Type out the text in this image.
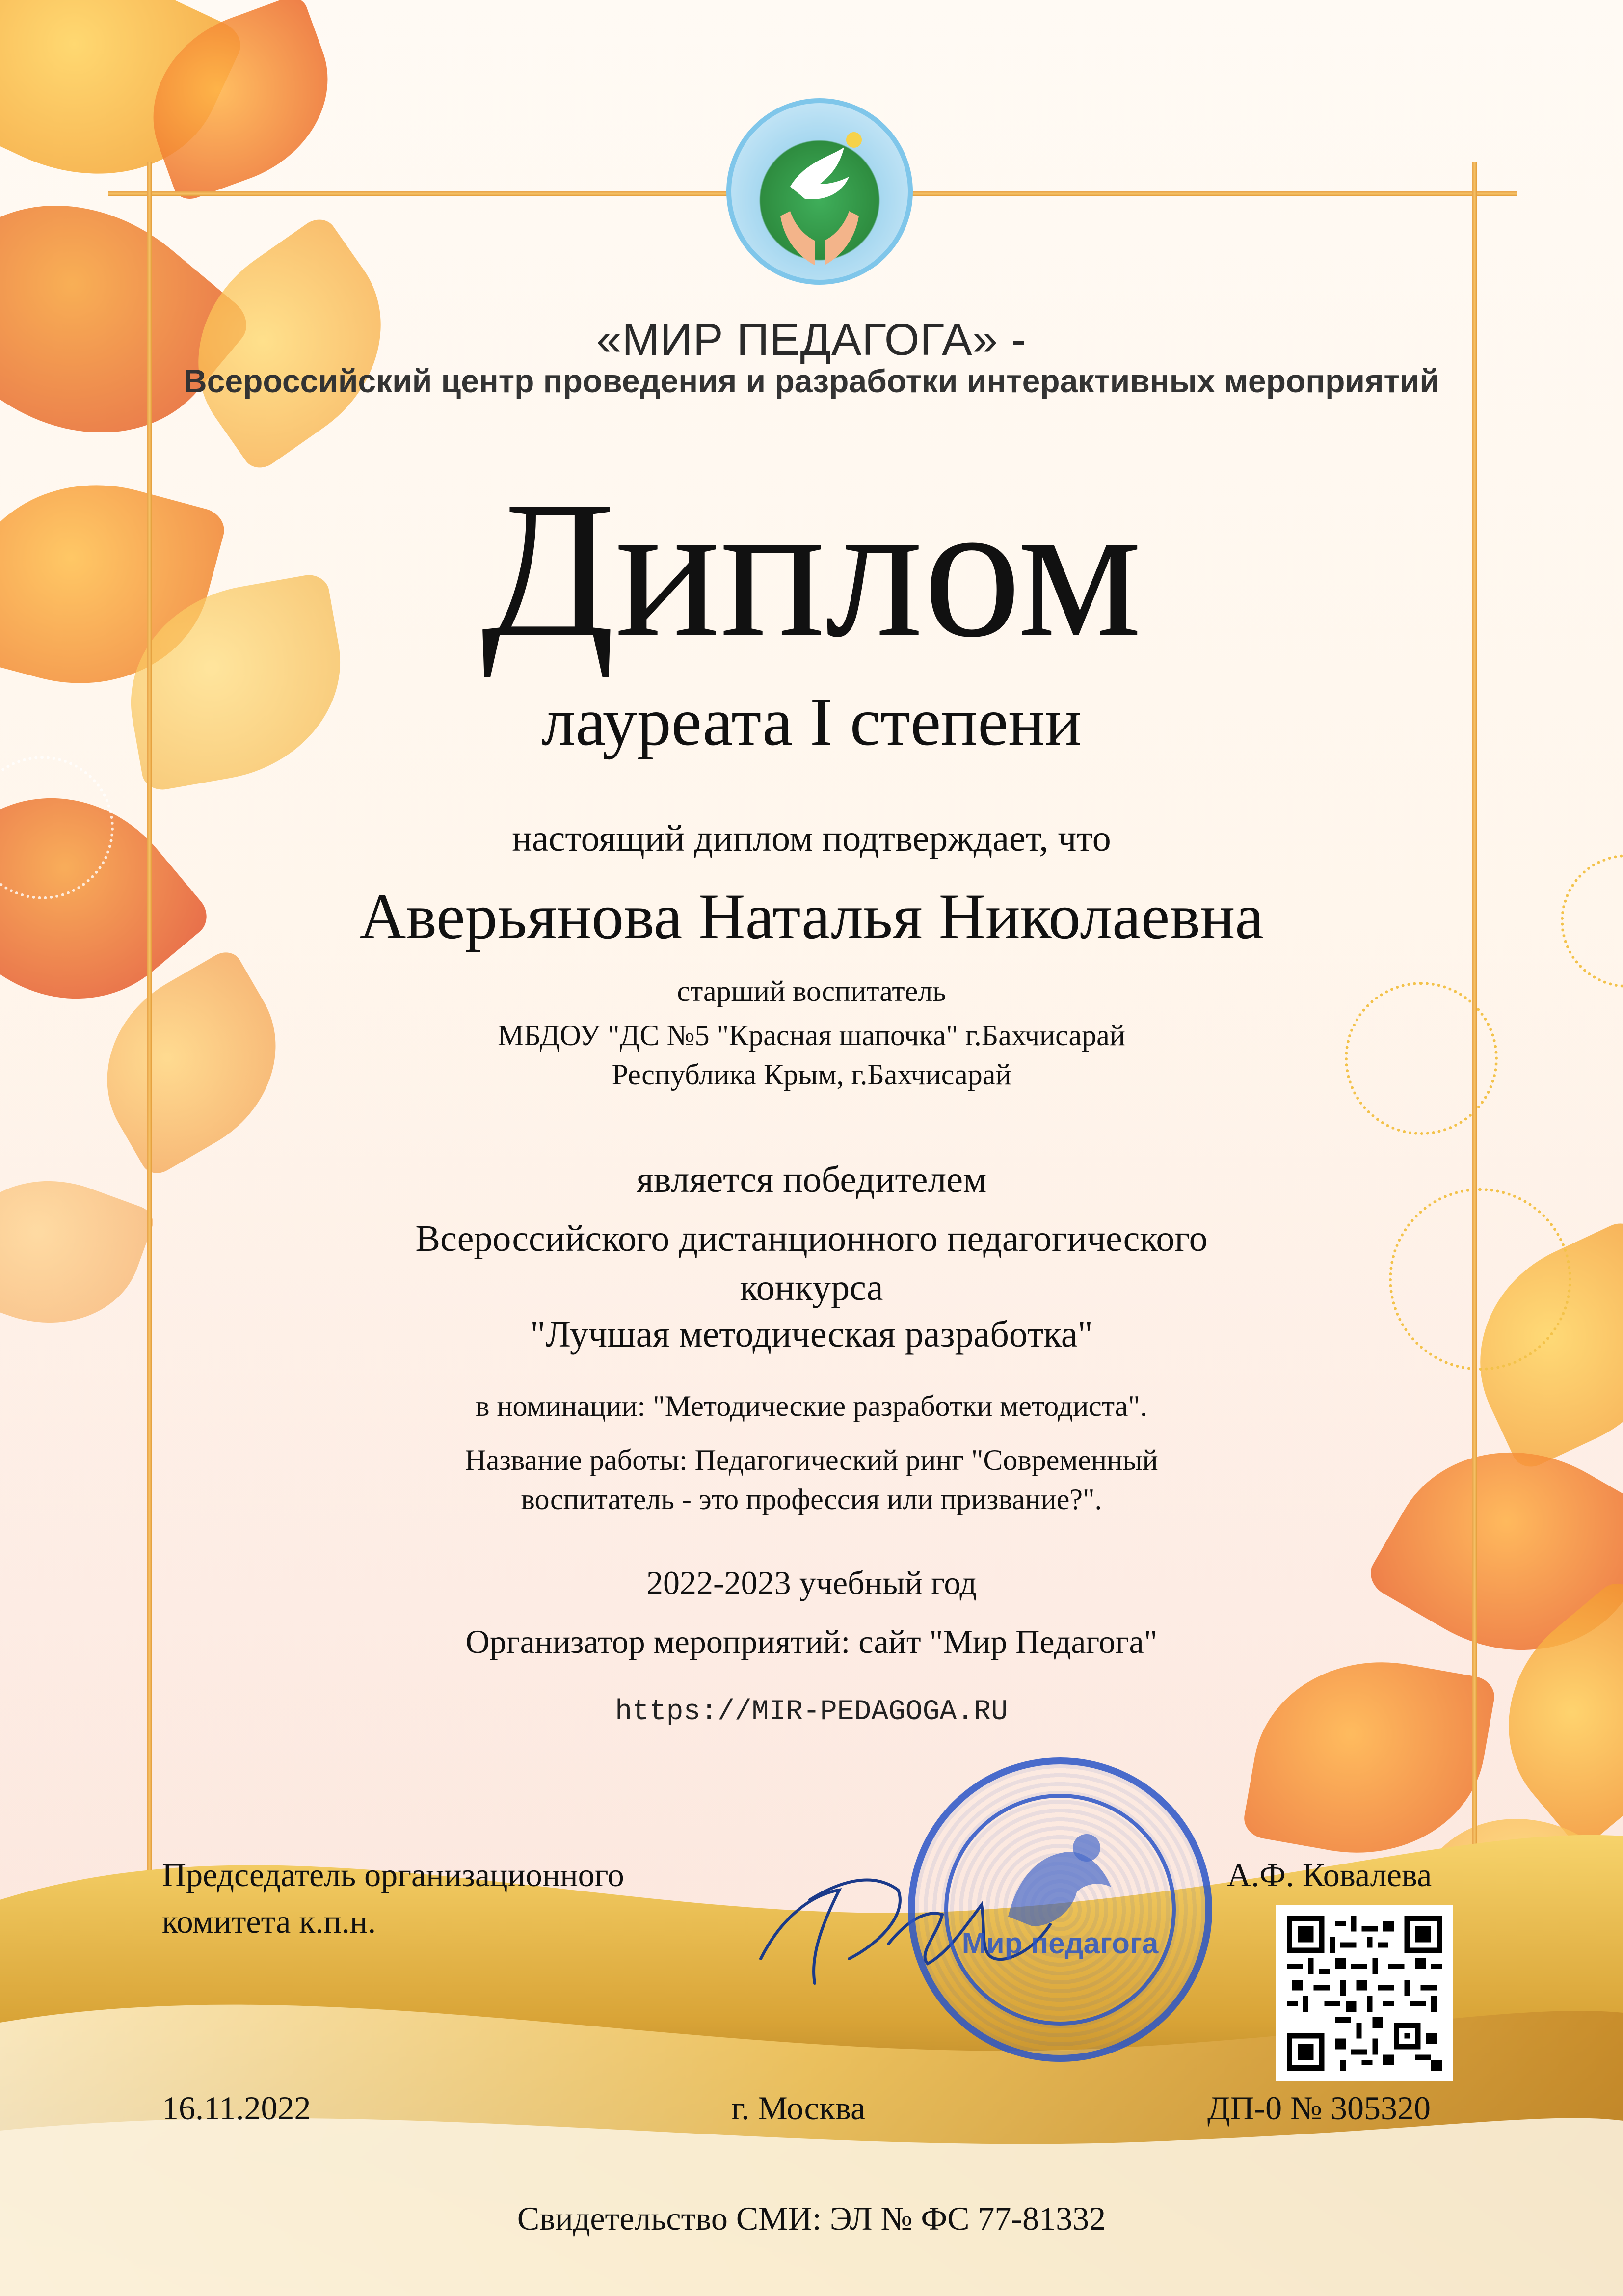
«МИР ПЕДАГОГА» -
Всероссийский центр проведения и разработки интерактивных мероприятий
Диплом
лауреата I степени
настоящий диплом подтверждает, что
Аверьянова Наталья Николаевна
старший воспитатель
МБДОУ "ДС №5 "Красная шапочка" г.Бахчисарай
Республика Крым, г.Бахчисарай
является победителем
Всероссийского дистанционного педагогического
конкурса
"Лучшая методическая разработка"
в номинации: "Методические разработки методиста".
Название работы: Педагогический ринг "Современный
воспитатель - это профессия или призвание?".
2022-2023 учебный год
Организатор мероприятий: сайт "Мир Педагога"
https://MIR-PEDAGOGA.RU
Председатель организационного
комитета к.п.н.
А.Ф. Ковалева
Мир педагога
16.11.2022	г. Москва	ДП-0 № 305320
Свидетельство СМИ: ЭЛ № ФС 77-81332
